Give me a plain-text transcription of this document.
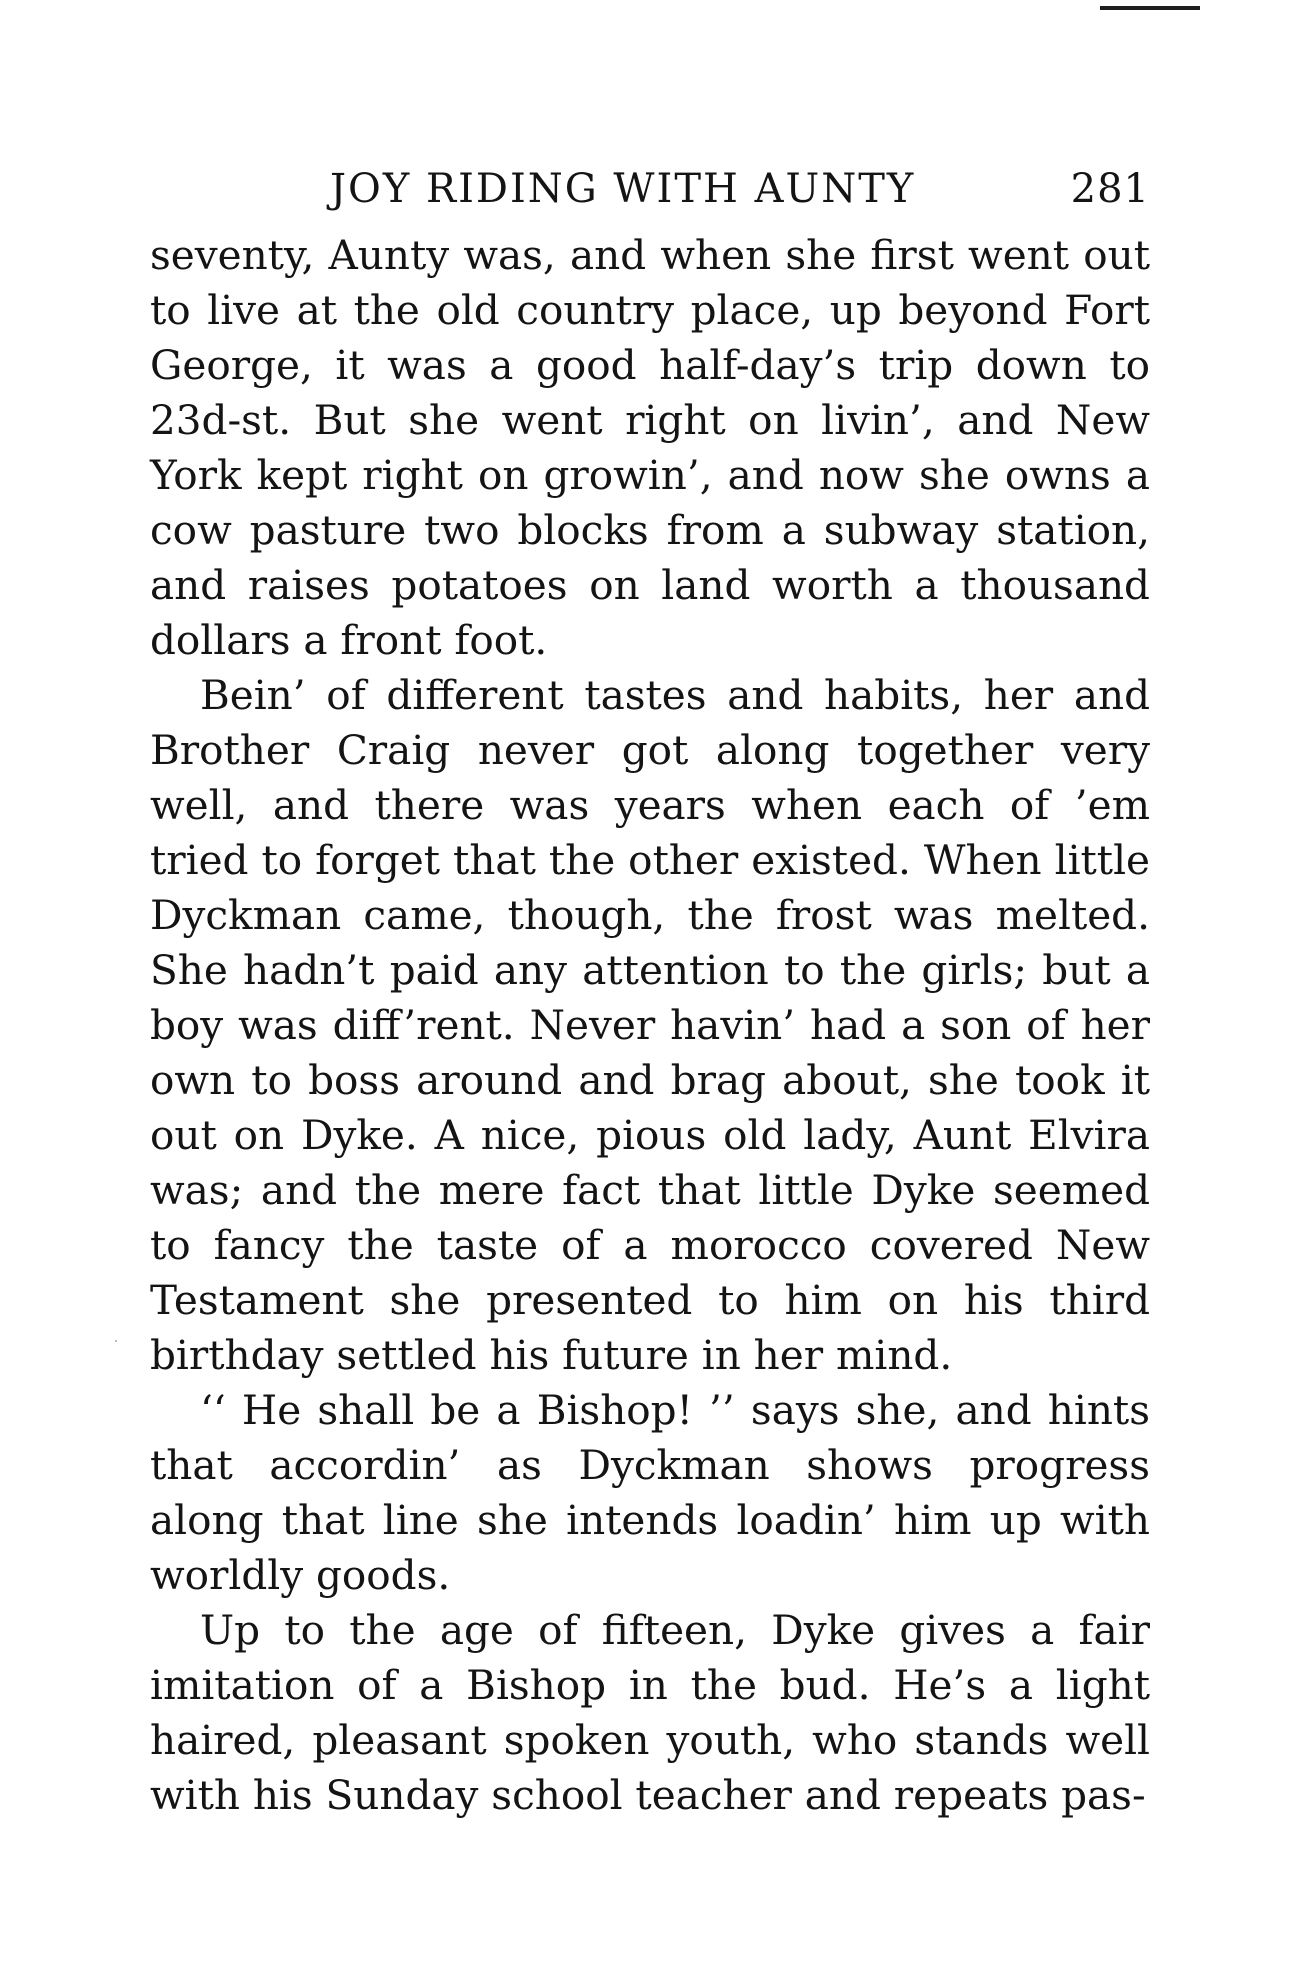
JOY RIDING WITH AUNTY	281

seventy, Aunty was, and when she first went out to live at the old country place, up beyond Fort George, it was a good half-day’s trip down to 23d-st. But she went right on livin’, and New York kept right on growin’, and now she owns a cow pasture two blocks from a subway station, and raises potatoes on land worth a thousand dollars a front foot.

Bein’ of different tastes and habits, her and Brother Craig never got along together very well, and there was years when each of ’em tried to forget that the other existed. When little Dyckman came, though, the frost was melted. She hadn’t paid any attention to the girls; but a boy was diff’rent. Never havin’ had a son of her own to boss around and brag about, she took it out on Dyke. A nice, pious old lady, Aunt Elvira was; and the mere fact that little Dyke seemed to fancy the taste of a morocco covered New Testament she presented to him on his third birthday settled his future in her mind.

‘‘ He shall be a Bishop! ’’ says she, and hints that accordin’ as Dyckman shows progress along that line she intends loadin’ him up with worldly goods.

Up to the age of fifteen, Dyke gives a fair imitation of a Bishop in the bud. He’s a light haired, pleasant spoken youth, who stands well with his Sunday school teacher and repeats pas-
